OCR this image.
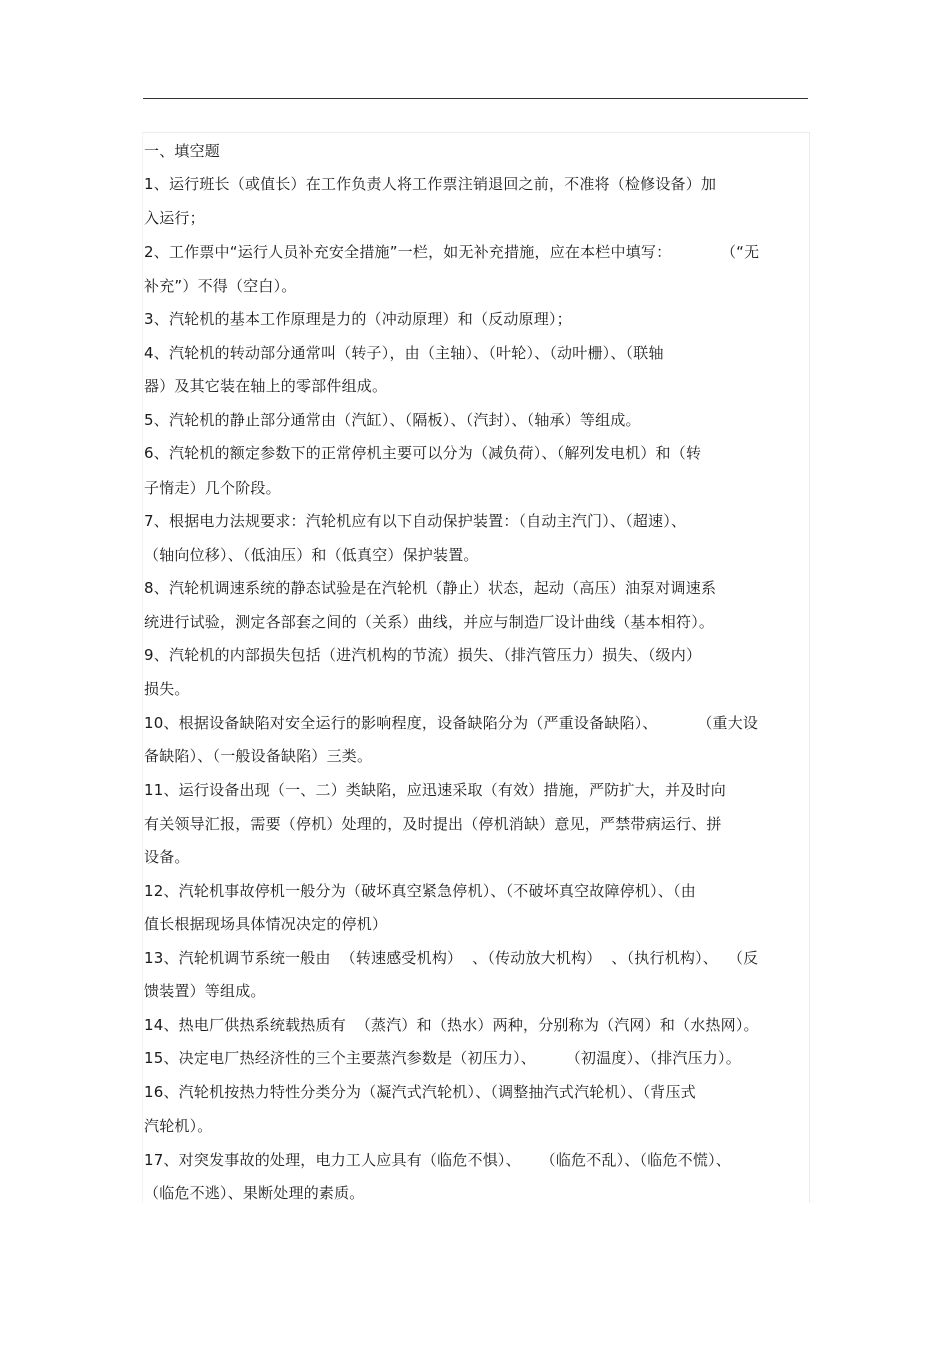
一、填空题
1、运行班长（或值长）在工作负责人将工作票注销退回之前，不准将（检修设备）加
入运行；
2、工作票中“运行人员补充安全措施”一栏，如无补充措施，应在本栏中填写：          （“无
补充”）不得（空白）。
3、汽轮机的基本工作原理是力的（冲动原理）和（反动原理）；
4、汽轮机的转动部分通常叫（转子），由（主轴）、（叶轮）、（动叶栅）、（联轴
器）及其它装在轴上的零部件组成。
5、汽轮机的静止部分通常由（汽缸）、（隔板）、（汽封）、（轴承）等组成。
6、汽轮机的额定参数下的正常停机主要可以分为（减负荷）、（解列发电机）和（转
子惰走）几个阶段。
7、根据电力法规要求：汽轮机应有以下自动保护装置：（自动主汽门）、（超速）、
（轴向位移）、（低油压）和（低真空）保护装置。
8、汽轮机调速系统的静态试验是在汽轮机（静止）状态，起动（高压）油泵对调速系
统进行试验，测定各部套之间的（关系）曲线，并应与制造厂设计曲线（基本相符）。
9、汽轮机的内部损失包括（进汽机构的节流）损失、（排汽管压力）损失、（级内）
损失。
10、根据设备缺陷对安全运行的影响程度，设备缺陷分为（严重设备缺陷）、        （重大设
备缺陷）、（一般设备缺陷）三类。
11、运行设备出现（一、二）类缺陷，应迅速采取（有效）措施，严防扩大，并及时向
有关领导汇报，需要（停机）处理的，及时提出（停机消缺）意见，严禁带病运行、拼
设备。
12、汽轮机事故停机一般分为（破坏真空紧急停机）、（不破坏真空故障停机）、（由
值长根据现场具体情况决定的停机）
13、汽轮机调节系统一般由  （转速感受机构）  、（传动放大机构）  、（执行机构）、  （反
馈装置）等组成。
14、热电厂供热系统载热质有  （蒸汽）和（热水）两种，分别称为（汽网）和（水热网）。
15、决定电厂热经济性的三个主要蒸汽参数是（初压力）、      （初温度）、（排汽压力）。
16、汽轮机按热力特性分类分为（凝汽式汽轮机）、（调整抽汽式汽轮机）、（背压式
汽轮机）。
17、对突发事故的处理，电力工人应具有（临危不惧）、    （临危不乱）、（临危不慌）、
（临危不逃）、果断处理的素质。
